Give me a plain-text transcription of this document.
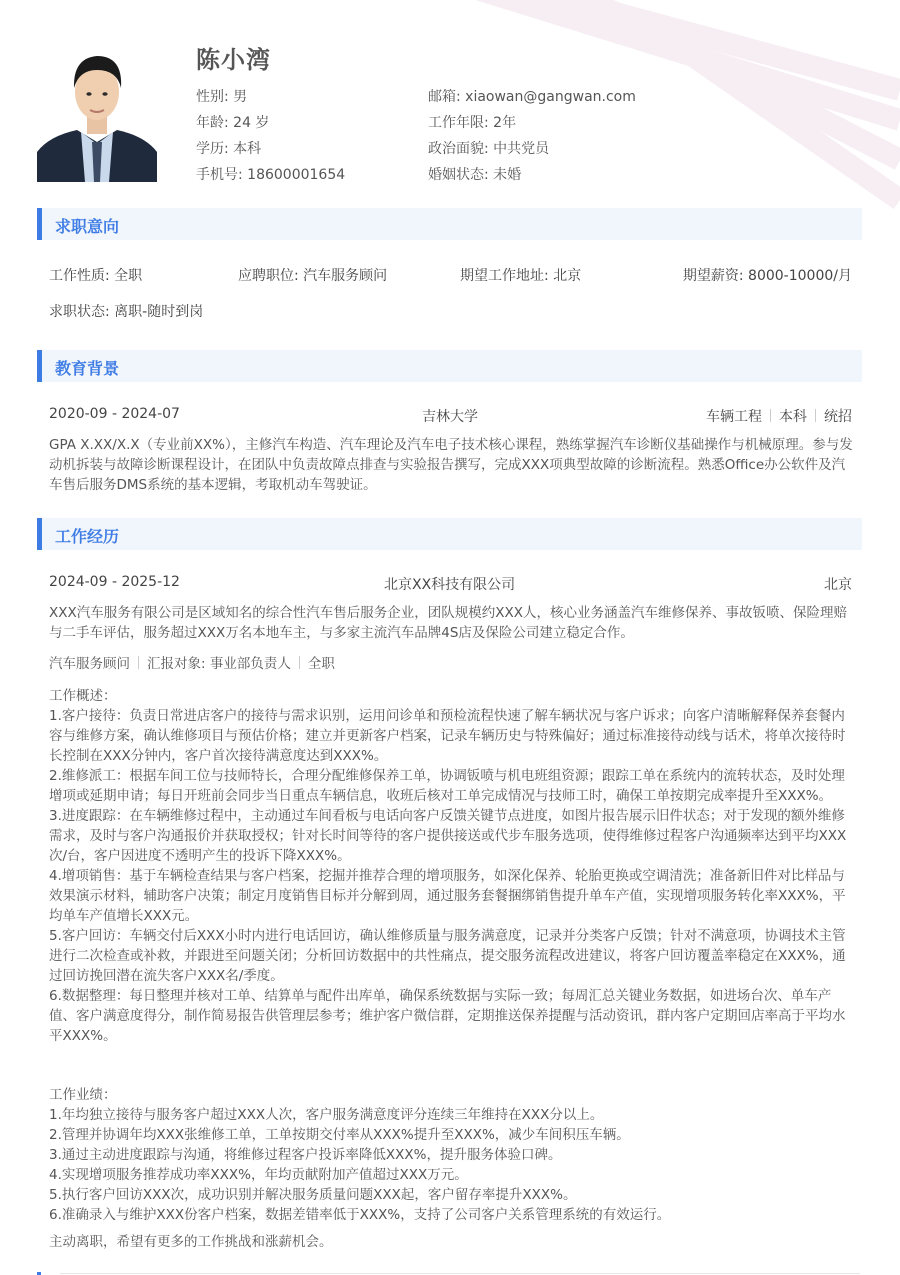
陈小湾
性别: 男	邮箱: xiaowan@gangwan.com
年龄: 24 岁	工作年限: 2年
学历: 本科	政治面貌: 中共党员
手机号: 18600001654	婚姻状态: 未婚
求职意向
工作性质: 全职	应聘职位: 汽车服务顾问	期望工作地址: 北京	期望薪资: 8000-10000/月
求职状态: 离职-随时到岗
教育背景
2020-09 - 2024-07	吉林大学	车辆工程 本科 统招
GPA X.XX/X.X（专业前XX%），主修汽车构造、汽车理论及汽车电子技术核心课程，熟练掌握汽车诊断仪基础操作与机械原理。参与发动机拆装与故障诊断课程设计，在团队中负责故障点排查与实验报告撰写，完成XXX项典型故障的诊断流程。熟悉Office办公软件及汽车售后服务DMS系统的基本逻辑，考取机动车驾驶证。
工作经历
2024-09 - 2025-12	北京XX科技有限公司	北京
XXX汽车服务有限公司是区域知名的综合性汽车售后服务企业，团队规模约XXX人，核心业务涵盖汽车维修保养、事故钣喷、保险理赔与二手车评估，服务超过XXX万名本地车主，与多家主流汽车品牌4S店及保险公司建立稳定合作。
汽车服务顾问 汇报对象: 事业部负责人 全职
工作概述：
1.客户接待：负责日常进店客户的接待与需求识别，运用问诊单和预检流程快速了解车辆状况与客户诉求；向客户清晰解释保养套餐内容与维修方案，确认维修项目与预估价格；建立并更新客户档案，记录车辆历史与特殊偏好；通过标准接待动线与话术，将单次接待时长控制在XXX分钟内，客户首次接待满意度达到XXX%。
2.维修派工：根据车间工位与技师特长，合理分配维修保养工单，协调钣喷与机电班组资源；跟踪工单在系统内的流转状态，及时处理增项或延期申请；每日开班前会同步当日重点车辆信息，收班后核对工单完成情况与技师工时，确保工单按期完成率提升至XXX%。
3.进度跟踪：在车辆维修过程中，主动通过车间看板与电话向客户反馈关键节点进度，如图片报告展示旧件状态；对于发现的额外维修需求，及时与客户沟通报价并获取授权；针对长时间等待的客户提供接送或代步车服务选项，使得维修过程客户沟通频率达到平均XXX次/台，客户因进度不透明产生的投诉下降XXX%。
4.增项销售：基于车辆检查结果与客户档案，挖掘并推荐合理的增项服务，如深化保养、轮胎更换或空调清洗；准备新旧件对比样品与效果演示材料，辅助客户决策；制定月度销售目标并分解到周，通过服务套餐捆绑销售提升单车产值，实现增项服务转化率XXX%，平均单车产值增长XXX元。
5.客户回访：车辆交付后XXX小时内进行电话回访，确认维修质量与服务满意度，记录并分类客户反馈；针对不满意项，协调技术主管进行二次检查或补救，并跟进至问题关闭；分析回访数据中的共性痛点，提交服务流程改进建议，将客户回访覆盖率稳定在XXX%，通过回访挽回潜在流失客户XXX名/季度。
6.数据整理：每日整理并核对工单、结算单与配件出库单，确保系统数据与实际一致；每周汇总关键业务数据，如进场台次、单车产值、客户满意度得分，制作简易报告供管理层参考；维护客户微信群，定期推送保养提醒与活动资讯，群内客户定期回店率高于平均水平XXX%。
工作业绩：
1.年均独立接待与服务客户超过XXX人次，客户服务满意度评分连续三年维持在XXX分以上。
2.管理并协调年均XXX张维修工单，工单按期交付率从XXX%提升至XXX%，减少车间积压车辆。
3.通过主动进度跟踪与沟通，将维修过程客户投诉率降低XXX%，提升服务体验口碑。
4.实现增项服务推荐成功率XXX%，年均贡献附加产值超过XXX万元。
5.执行客户回访XXX次，成功识别并解决服务质量问题XXX起，客户留存率提升XXX%。
6.准确录入与维护XXX份客户档案，数据差错率低于XXX%，支持了公司客户关系管理系统的有效运行。
主动离职，希望有更多的工作挑战和涨薪机会。
